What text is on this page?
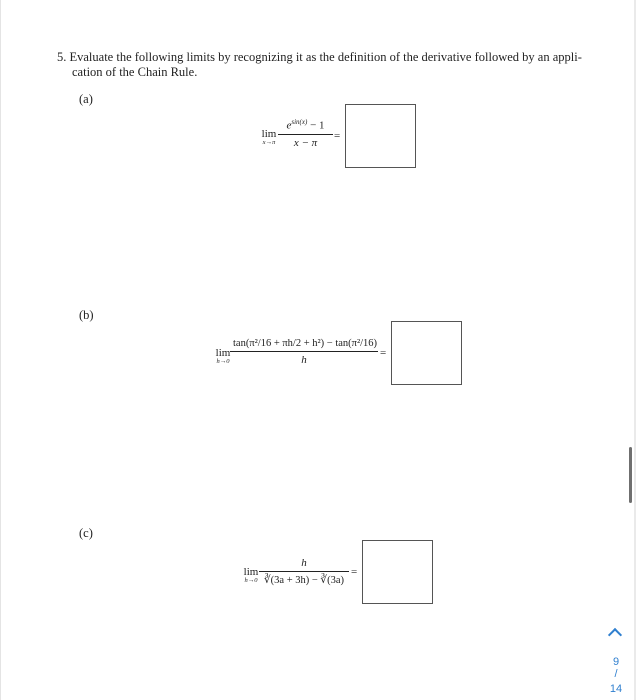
5. Evaluate the following limits by recognizing it as the definition of the derivative followed by an appli-
cation of the Chain Rule.
(a)
lim
x→π
$e^{sin(x)} - 1$
x − π
=
(b)
lim
h→0
tan(π²/16 + πh/2 + h²) − tan(π²/16)
h
=
(c)
lim
h→0
h
∛(3a + 3h) − ∛(3a)
=
9
/
14
